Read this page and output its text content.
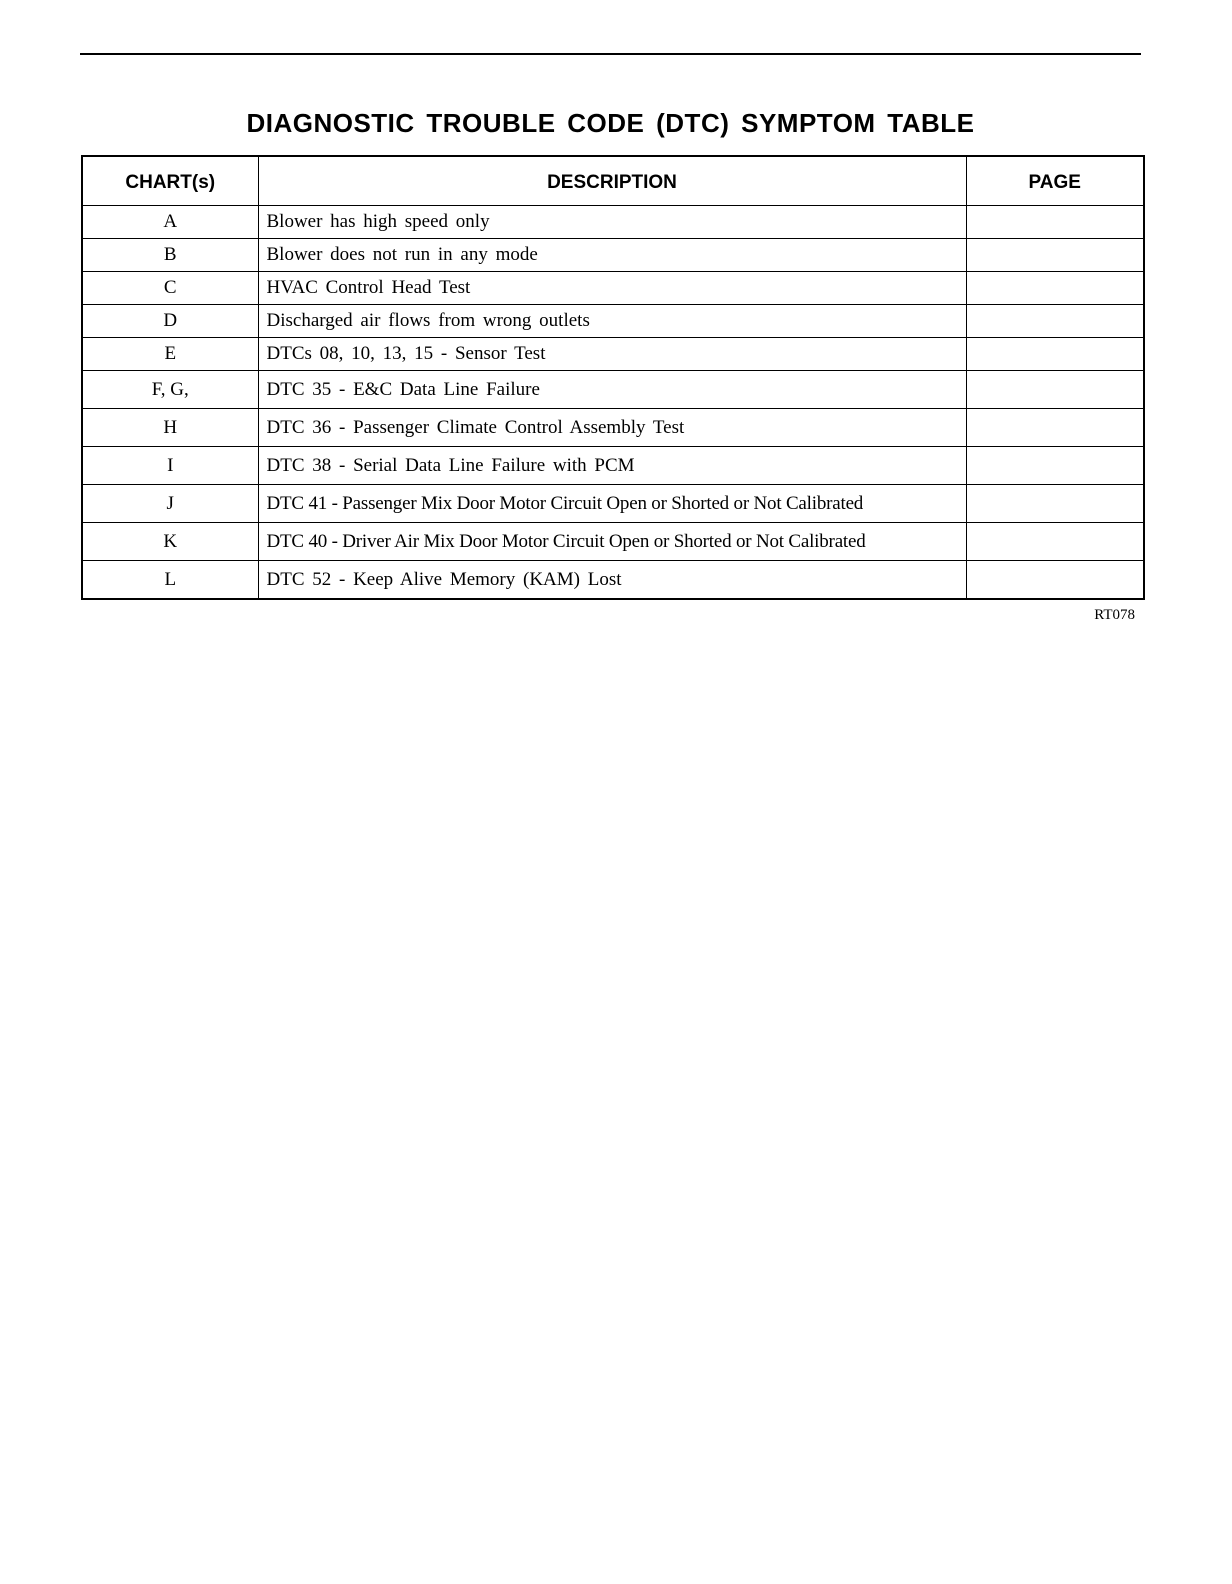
DIAGNOSTIC TROUBLE CODE (DTC) SYMPTOM TABLE
CHART(s)	DESCRIPTION	PAGE
A	Blower has high speed only	
B	Blower does not run in any mode	
C	HVAC Control Head Test	
D	Discharged air flows from wrong outlets	
E	DTCs 08, 10, 13, 15 - Sensor Test	
F, G,	DTC 35 - E&C Data Line Failure	
H	DTC 36 - Passenger Climate Control Assembly Test	
I	DTC 38 - Serial Data Line Failure with PCM	
J	DTC 41 - Passenger Mix Door Motor Circuit Open or Shorted or Not Calibrated	
K	DTC 40 - Driver Air Mix Door Motor Circuit Open or Shorted or Not Calibrated	
L	DTC 52 - Keep Alive Memory (KAM) Lost	
RT078
